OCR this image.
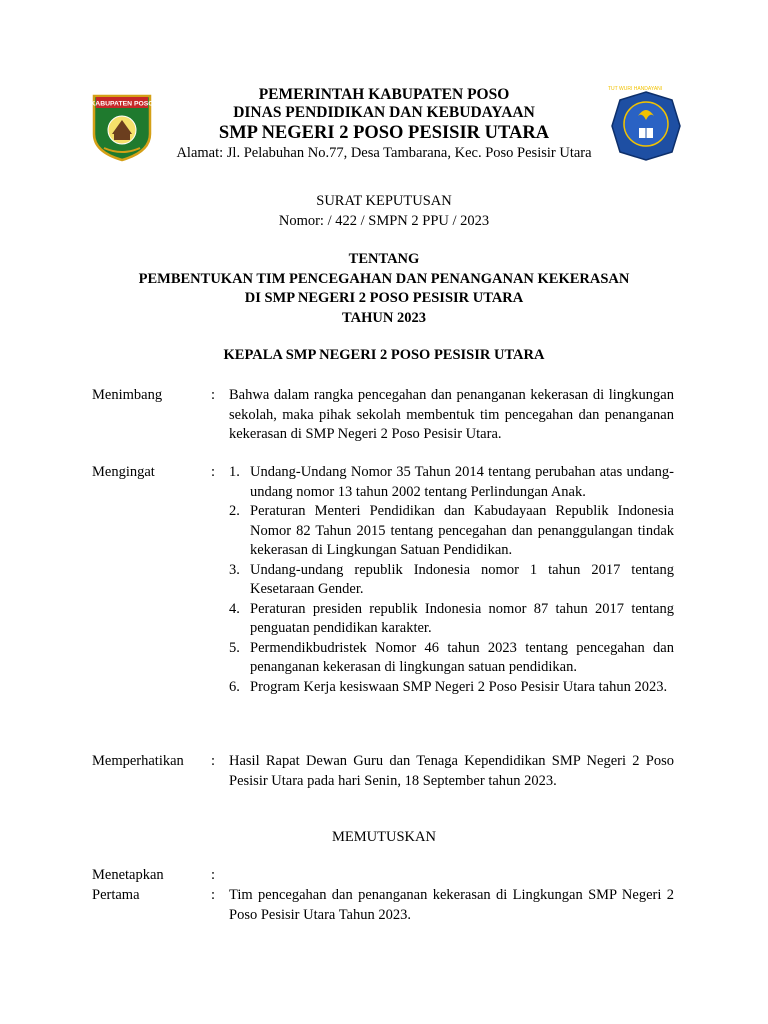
KABUPATEN POSO
PEMERINTAH KABUPATEN POSO
DINAS PENDIDIKAN DAN KEBUDAYAAN
SMP NEGERI 2 POSO PESISIR UTARA
Alamat: Jl. Pelabuhan No.77, Desa Tambarana, Kec. Poso Pesisir Utara
TUT WURI HANDAYANI
SURAT KEPUTUSAN
Nomor: / 422 / SMPN 2 PPU / 2023
TENTANG
PEMBENTUKAN TIM PENCEGAHAN DAN PENANGANAN KEKERASAN
DI SMP NEGERI 2 POSO PESISIR UTARA
TAHUN 2023
KEPALA SMP NEGERI 2 POSO PESISIR UTARA
Menimbang	: Bahwa dalam rangka pencegahan dan penanganan kekerasan di lingkungan sekolah, maka pihak sekolah membentuk tim pencegahan dan penanganan kekerasan di SMP Negeri 2 Poso Pesisir Utara.

Mengingat	: 1. Undang-Undang Nomor 35 Tahun 2014 tentang perubahan atas undang-undang nomor 13 tahun 2002 tentang Perlindungan Anak.
2. Peraturan Menteri Pendidikan dan Kabudayaan Republik Indonesia Nomor 82 Tahun 2015 tentang pencegahan dan penanggulangan tindak kekerasan di Lingkungan Satuan Pendidikan.
3. Undang-undang republik Indonesia nomor 1 tahun 2017 tentang Kesetaraan Gender.
4. Peraturan presiden republik Indonesia nomor 87 tahun 2017 tentang penguatan pendidikan karakter.
5. Permendikbudristek Nomor 46 tahun 2023 tentang pencegahan dan penanganan kekerasan di lingkungan satuan pendidikan.
6. Program Kerja kesiswaan SMP Negeri 2 Poso Pesisir Utara tahun 2023.
Memperhatikan : Hasil Rapat Dewan Guru dan Tenaga Kependidikan SMP Negeri 2 Poso Pesisir Utara pada hari Senin, 18 September tahun 2023.

MEMUTUSKAN
Menetapkan	:
Pertama	: Tim pencegahan dan penanganan kekerasan di Lingkungan SMP Negeri 2 Poso Pesisir Utara Tahun 2023.
